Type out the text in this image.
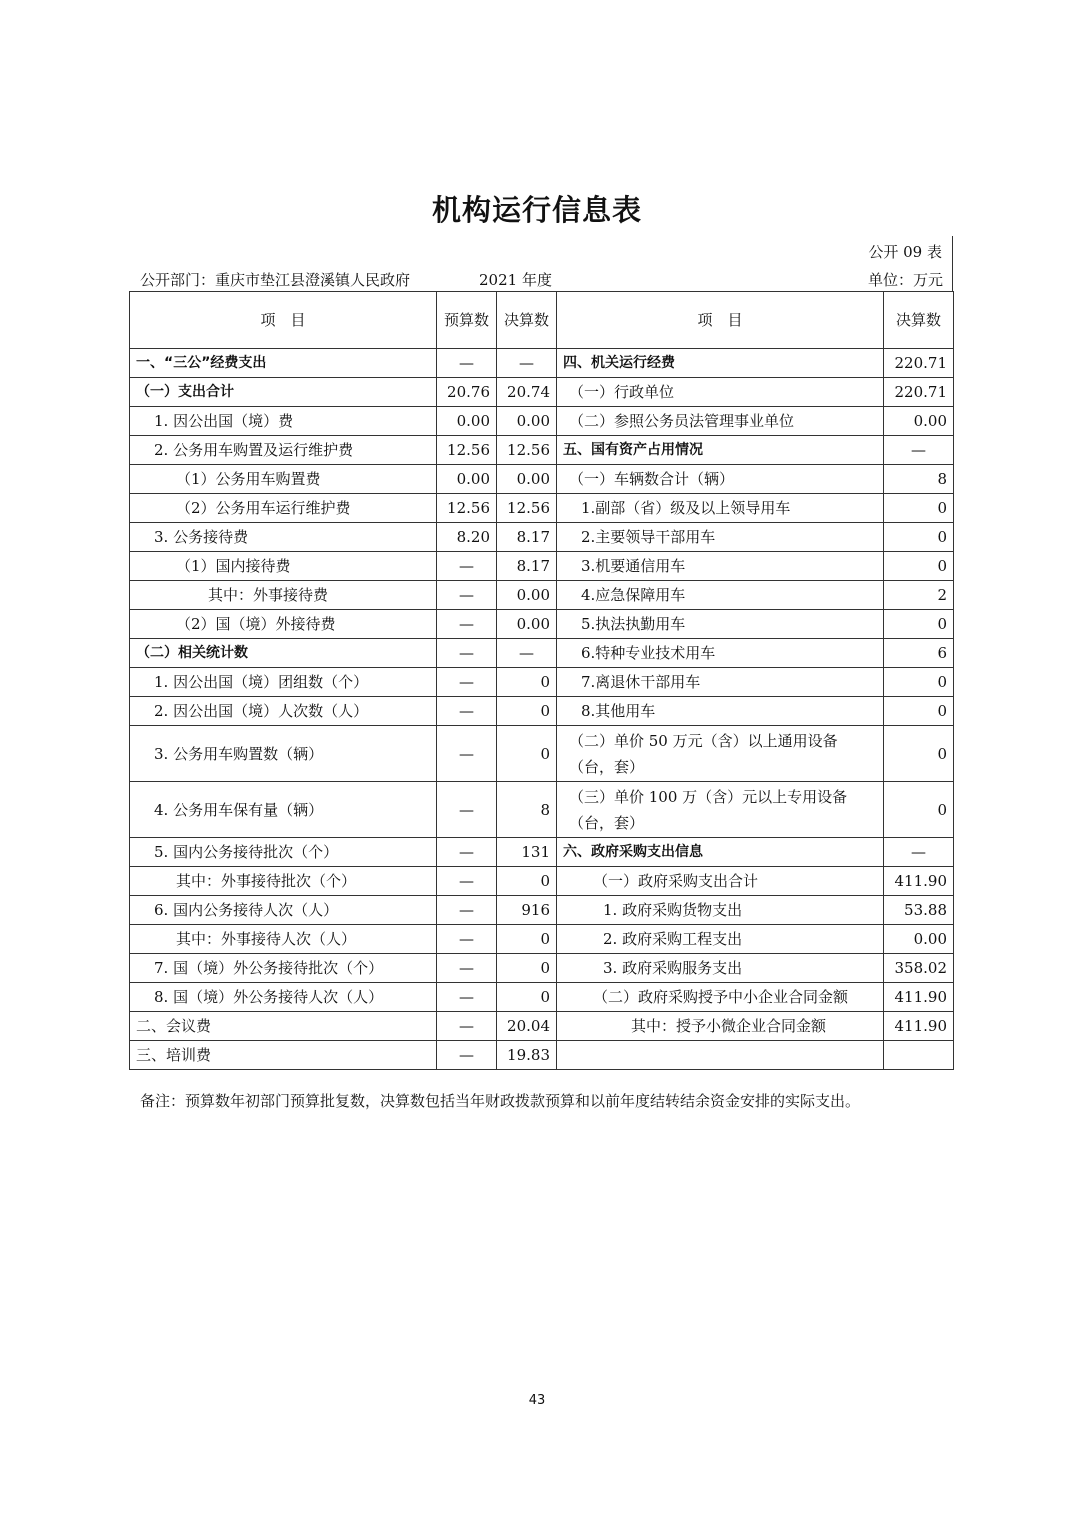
机构运行信息表
公开 09 表
公开部门：重庆市垫江县澄溪镇人民政府	2021 年度	单位：万元
项　目	预算数	决算数	项　目	决算数
一、“三公”经费支出	—	—	四、机关运行经费	220.71
（一）支出合计	20.76	20.74	（一）行政单位	220.71
1. 因公出国（境）费	0.00	0.00	（二）参照公务员法管理事业单位	0.00
2. 公务用车购置及运行维护费	12.56	12.56	五、国有资产占用情况	—
（1）公务用车购置费	0.00	0.00	（一）车辆数合计（辆）	8
（2）公务用车运行维护费	12.56	12.56	1.副部（省）级及以上领导用车	0
3. 公务接待费	8.20	8.17	2.主要领导干部用车	0
（1）国内接待费	—	8.17	3.机要通信用车	0
其中：外事接待费	—	0.00	4.应急保障用车	2
（2）国（境）外接待费	—	0.00	5.执法执勤用车	0
（二）相关统计数	—	—	6.特种专业技术用车	6
1. 因公出国（境）团组数（个）	—	0	7.离退休干部用车	0
2. 因公出国（境）人次数（人）	—	0	8.其他用车	0
3. 公务用车购置数（辆）	—	0	（二）单价 50 万元（含）以上通用设备（台，套）	0
4. 公务用车保有量（辆）	—	8	（三）单价 100 万（含）元以上专用设备（台，套）	0
5. 国内公务接待批次（个）	—	131	六、政府采购支出信息	—
其中：外事接待批次（个）	—	0	（一）政府采购支出合计	411.90
6. 国内公务接待人次（人）	—	916	1. 政府采购货物支出	53.88
其中：外事接待人次（人）	—	0	2. 政府采购工程支出	0.00
7. 国（境）外公务接待批次（个）	—	0	3. 政府采购服务支出	358.02
8. 国（境）外公务接待人次（人）	—	0	（二）政府采购授予中小企业合同金额	411.90
二、会议费	—	20.04	其中：授予小微企业合同金额	411.90
三、培训费	—	19.83		
备注：预算数年初部门预算批复数，决算数包括当年财政拨款预算和以前年度结转结余资金安排的实际支出。
43
